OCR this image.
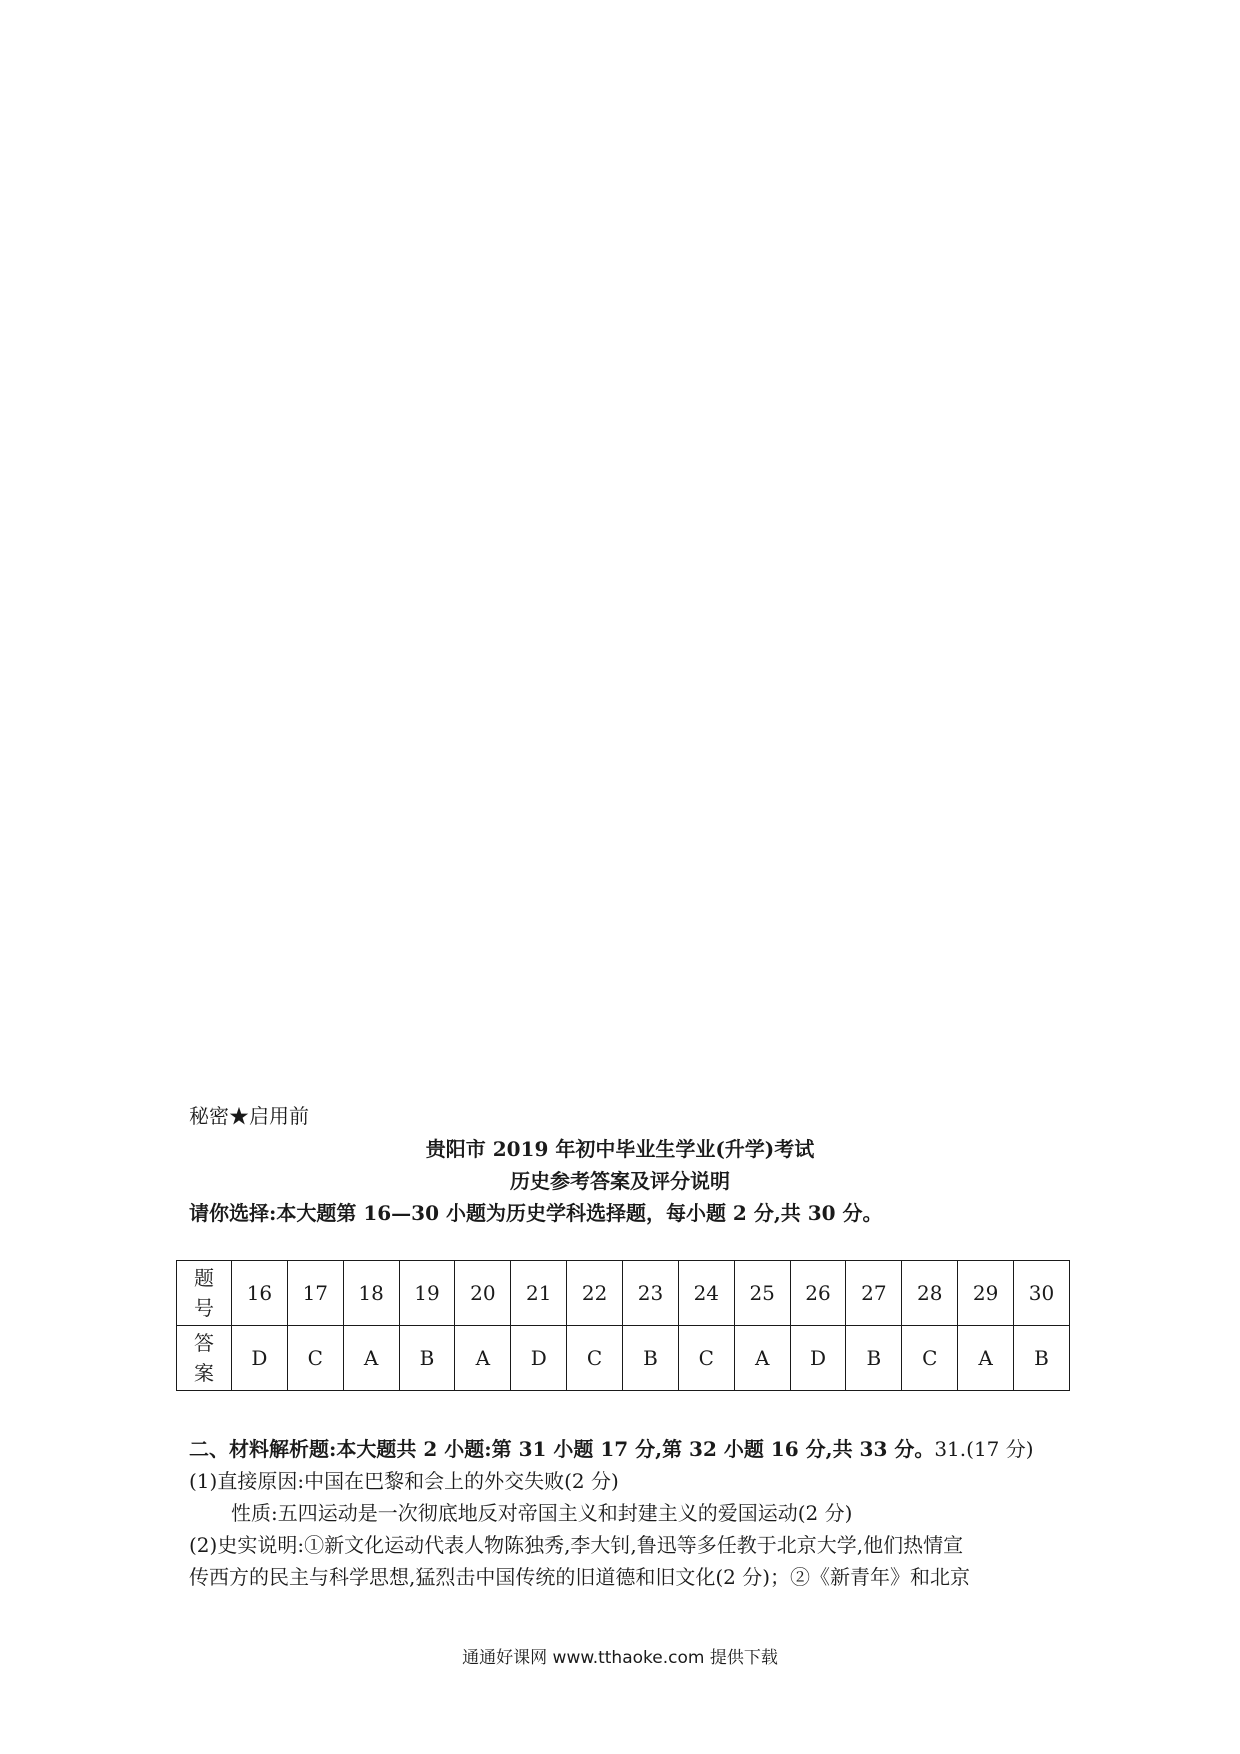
秘密★启用前
贵阳市 2019 年初中毕业生学业(升学)考试
历史参考答案及评分说明
请你选择:本大题第 16—30 小题为历史学科选择题，每小题 2 分,共 30 分。
题
号	16	17	18	19	20	21	22	23	24	25	26	27	28	29	30
答
案	D	C	A	B	A	D	C	B	C	A	D	B	C	A	B
二、材料解析题:本大题共 2 小题:第 31 小题 17 分,第 32 小题 16 分,共 33 分。31.(17 分)
(1)直接原因:中国在巴黎和会上的外交失败(2 分)
性质:五四运动是一次彻底地反对帝国主义和封建主义的爱国运动(2 分)
(2)史实说明:①新文化运动代表人物陈独秀,李大钊,鲁迅等多任教于北京大学,他们热情宣
传西方的民主与科学思想,猛烈击中国传统的旧道德和旧文化(2 分)；②《新青年》和北京
通通好课网 www.tthaoke.com 提供下载
